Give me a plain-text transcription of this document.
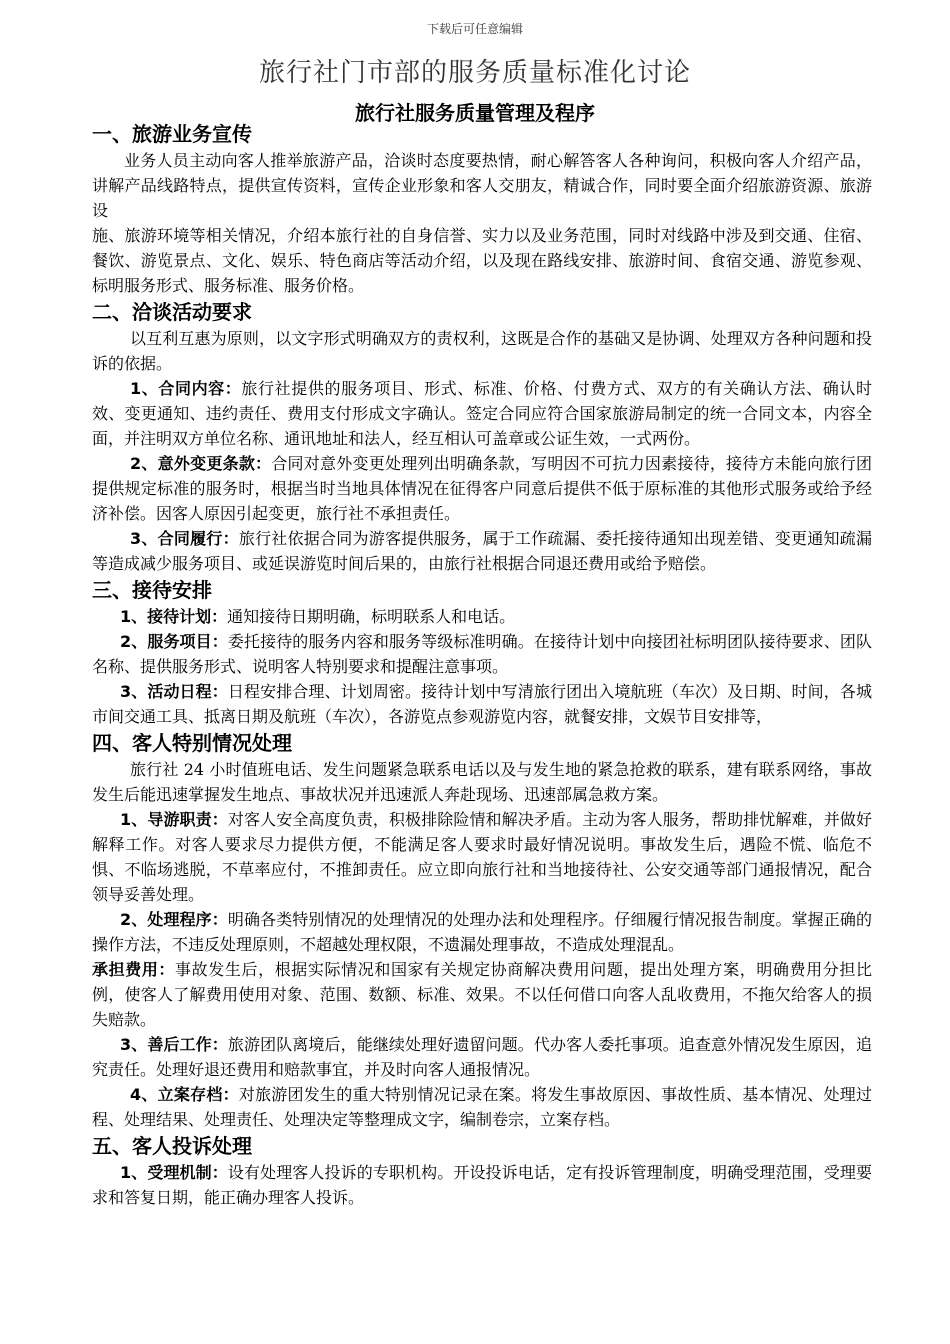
下载后可任意编辑
旅行社门市部的服务质量标准化讨论
旅行社服务质量管理及程序
一、旅游业务宣传

业务人员主动向客人推举旅游产品，洽谈时态度要热情，耐心解答客人各种询问，积极向客人介绍产品，讲解产品线路特点，提供宣传资料，宣传企业形象和客人交朋友，精诚合作，同时要全面介绍旅游资源、旅游设

施、旅游环境等相关情况，介绍本旅行社的自身信誉、实力以及业务范围，同时对线路中涉及到交通、住宿、餐饮、游览景点、文化、娱乐、特色商店等活动介绍，以及现在路线安排、旅游时间、食宿交通、游览参观、标明服务形式、服务标准、服务价格。

二、洽谈活动要求

以互利互惠为原则，以文字形式明确双方的责权利，这既是合作的基础又是协调、处理双方各种问题和投诉的依据。

1、合同内容：旅行社提供的服务项目、形式、标准、价格、付费方式、双方的有关确认方法、确认时效、变更通知、违约责任、费用支付形成文字确认。签定合同应符合国家旅游局制定的统一合同文本，内容全面，并注明双方单位名称、通讯地址和法人，经互相认可盖章或公证生效，一式两份。

2、意外变更条款：合同对意外变更处理列出明确条款，写明因不可抗力因素接待，接待方未能向旅行团提供规定标准的服务时，根据当时当地具体情况在征得客户同意后提供不低于原标准的其他形式服务或给予经济补偿。因客人原因引起变更，旅行社不承担责任。

3、合同履行：旅行社依据合同为游客提供服务，属于工作疏漏、委托接待通知出现差错、变更通知疏漏等造成减少服务项目、或延误游览时间后果的，由旅行社根据合同退还费用或给予赔偿。

三、接待安排

1、接待计划：通知接待日期明确，标明联系人和电话。

2、服务项目：委托接待的服务内容和服务等级标准明确。在接待计划中向接团社标明团队接待要求、团队名称、提供服务形式、说明客人特别要求和提醒注意事项。

3、活动日程：日程安排合理、计划周密。接待计划中写清旅行团出入境航班（车次）及日期、时间，各城市间交通工具、抵离日期及航班（车次），各游览点参观游览内容，就餐安排，文娱节目安排等，

四、客人特别情况处理

旅行社 24 小时值班电话、发生问题紧急联系电话以及与发生地的紧急抢救的联系，建有联系网络，事故发生后能迅速掌握发生地点、事故状况并迅速派人奔赴现场、迅速部属急救方案。

1、导游职责：对客人安全高度负责，积极排除险情和解决矛盾。主动为客人服务，帮助排忧解难，并做好解释工作。对客人要求尽力提供方便，不能满足客人要求时最好情况说明。事故发生后，遇险不慌、临危不惧、不临场逃脱，不草率应付，不推卸责任。应立即向旅行社和当地接待社、公安交通等部门通报情况，配合领导妥善处理。

2、处理程序：明确各类特别情况的处理情况的处理办法和处理程序。仔细履行情况报告制度。掌握正确的操作方法，不违反处理原则，不超越处理权限，不遗漏处理事故，不造成处理混乱。

承担费用：事故发生后，根据实际情况和国家有关规定协商解决费用问题，提出处理方案，明确费用分担比例，使客人了解费用使用对象、范围、数额、标准、效果。不以任何借口向客人乱收费用，不拖欠给客人的损失赔款。

3、善后工作：旅游团队离境后，能继续处理好遗留问题。代办客人委托事项。追查意外情况发生原因，追究责任。处理好退还费用和赔款事宜，并及时向客人通报情况。

4、立案存档：对旅游团发生的重大特别情况记录在案。将发生事故原因、事故性质、基本情况、处理过程、处理结果、处理责任、处理决定等整理成文字，编制卷宗，立案存档。

五、客人投诉处理

1、受理机制：设有处理客人投诉的专职机构。开设投诉电话，定有投诉管理制度，明确受理范围，受理要求和答复日期，能正确办理客人投诉。
